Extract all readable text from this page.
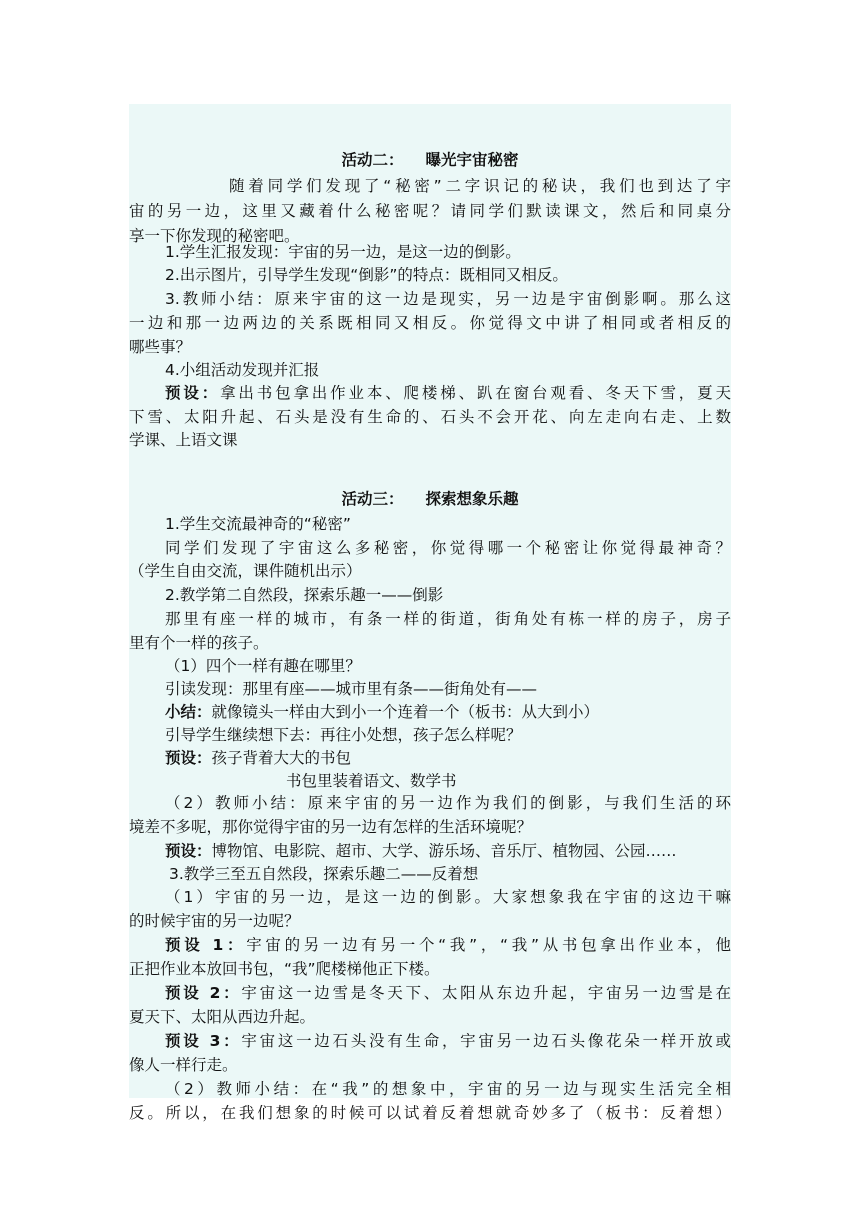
活动二： 曝光宇宙秘密
随着同学们发现了“秘密”二字识记的秘诀，我们也到达了宇
宙的另一边，这里又藏着什么秘密呢？请同学们默读课文，然后和同桌分
享一下你发现的秘密吧。
1.学生汇报发现：宇宙的另一边，是这一边的倒影。
2.出示图片，引导学生发现“倒影”的特点：既相同又相反。
3.教师小结：原来宇宙的这一边是现实，另一边是宇宙倒影啊。那么这
一边和那一边两边的关系既相同又相反。你觉得文中讲了相同或者相反的
哪些事？
4.小组活动发现并汇报
预设：拿出书包拿出作业本、爬楼梯、趴在窗台观看、冬天下雪，夏天
下雪、太阳升起、石头是没有生命的、石头不会开花、向左走向右走、上数
学课、上语文课
活动三： 探索想象乐趣
1.学生交流最神奇的“秘密”
同学们发现了宇宙这么多秘密，你觉得哪一个秘密让你觉得最神奇？
（学生自由交流，课件随机出示）
2.教学第二自然段，探索乐趣一——倒影
那里有座一样的城市，有条一样的街道，街角处有栋一样的房子，房子
里有个一样的孩子。
（1）四个一样有趣在哪里？
引读发现：那里有座——城市里有条——街角处有——
小结：就像镜头一样由大到小一个连着一个（板书：从大到小）
引导学生继续想下去：再往小处想，孩子怎么样呢？
预设：孩子背着大大的书包
书包里装着语文、数学书
（2）教师小结：原来宇宙的另一边作为我们的倒影，与我们生活的环
境差不多呢，那你觉得宇宙的另一边有怎样的生活环境呢？
预设：博物馆、电影院、超市、大学、游乐场、音乐厅、植物园、公园……
3.教学三至五自然段，探索乐趣二——反着想
（1）宇宙的另一边，是这一边的倒影。大家想象我在宇宙的这边干嘛
的时候宇宙的另一边呢？
预设 1：宇宙的另一边有另一个“我”，“我”从书包拿出作业本，他
正把作业本放回书包，“我”爬楼梯他正下楼。
预设 2：宇宙这一边雪是冬天下、太阳从东边升起，宇宙另一边雪是在
夏天下、太阳从西边升起。
预设 3：宇宙这一边石头没有生命，宇宙另一边石头像花朵一样开放或
像人一样行走。
（2）教师小结：在“我”的想象中，宇宙的另一边与现实生活完全相
反。所以，在我们想象的时候可以试着反着想就奇妙多了（板书：反着想）
